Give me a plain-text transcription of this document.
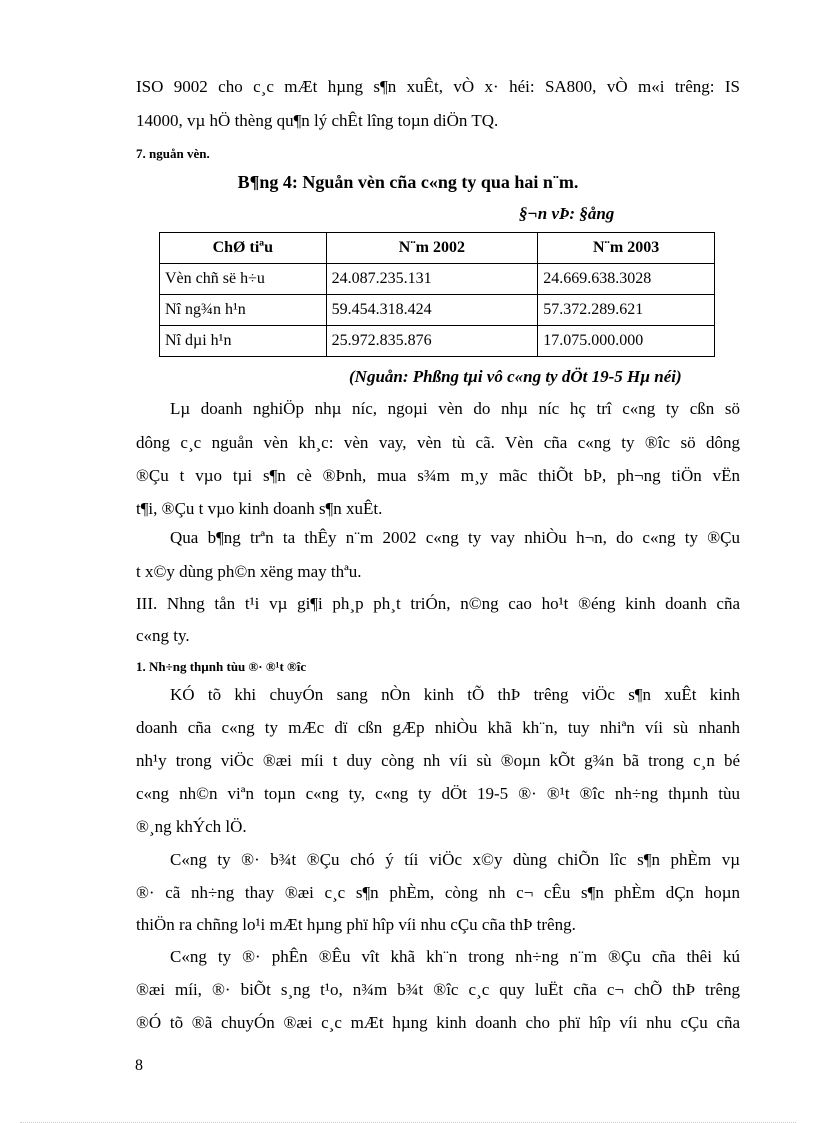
ISO 9002 cho c¸c mÆt hµng s¶n xuÊt, vÒ x· héi: SA800, vÒ m«i trêng: IS
14000, vµ hÖ thèng qu¶n lý chÊt lîng toµn diÖn TQ.
7. nguån vèn.
B¶ng 4: Nguån vèn cña c«ng ty qua hai n¨m.
§¬n vÞ: §ång
ChØ tiªu	N¨m 2002	N¨m 2003
Vèn chñ së h÷u	24.087.235.131	24.669.638.3028
Nî ng¾n h¹n	59.454.318.424	57.372.289.621
Nî dµi h¹n	25.972.835.876	17.075.000.000
(Nguån: Phßng tµi vô c«ng ty dÖt 19-5 Hµ néi)
Lµ doanh nghiÖp nhµ níc, ngoµi vèn do nhµ níc hç trî c«ng ty cßn sö
dông c¸c nguån vèn kh¸c: vèn vay, vèn tù cã. Vèn cña c«ng ty ®îc sö dông
®Çu t vµo tµi s¶n cè ®Þnh, mua s¾m m¸y mãc thiÕt bÞ, ph¬ng tiÖn vËn
t¶i, ®Çu t vµo kinh doanh s¶n xuÊt.
Qua b¶ng trªn ta thÊy n¨m 2002 c«ng ty vay nhiÒu h¬n, do c«ng ty ®Çu
t x©y dùng ph©n xëng may thªu.
III. Nhng tån t¹i vµ gi¶i ph¸p ph¸t triÓn, n©ng cao ho¹t ®éng kinh doanh cña
c«ng ty.
1. Nh÷ng thµnh tùu ®· ®¹t ®îc
KÓ tõ khi chuyÓn sang nÒn kinh tÕ thÞ trêng viÖc s¶n xuÊt kinh
doanh cña c«ng ty mÆc dï cßn gÆp nhiÒu khã kh¨n, tuy nhiªn víi sù nhanh
nh¹y trong viÖc ®æi míi t duy còng nh víi sù ®oµn kÕt g¾n bã trong c¸n bé
c«ng nh©n viªn toµn c«ng ty, c«ng ty dÖt 19-5 ®· ®¹t ®îc nh÷ng thµnh tùu
®¸ng khÝch lÖ.
C«ng ty ®· b¾t ®Çu chó ý tíi viÖc x©y dùng chiÕn lîc s¶n phÈm vµ
®· cã nh÷ng thay ®æi c¸c s¶n phÈm, còng nh c¬ cÊu s¶n phÈm dÇn hoµn
thiÖn ra chñng lo¹i mÆt hµng phï hîp víi nhu cÇu cña thÞ trêng.
C«ng ty ®· phÊn ®Êu vît khã kh¨n trong nh÷ng n¨m ®Çu cña thêi kú
®æi míi, ®· biÕt s¸ng t¹o, n¾m b¾t ®îc c¸c quy luËt cña c¬ chÕ thÞ trêng
®Ó tõ ®ã chuyÓn ®æi c¸c mÆt hµng kinh doanh cho phï hîp víi nhu cÇu cña
8
